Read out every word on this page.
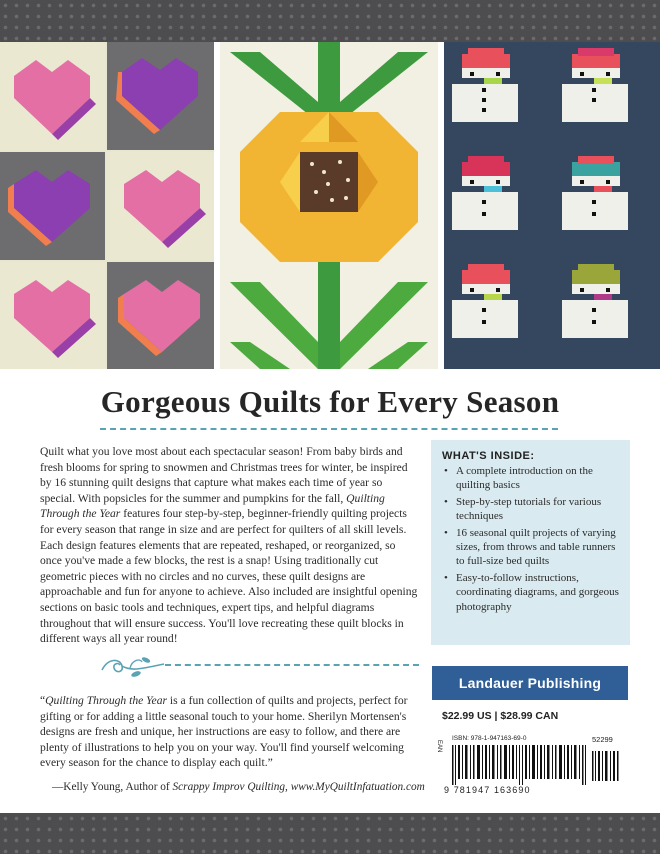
Gorgeous Quilts for Every Season

Quilt what you love most about each spectacular season! From baby birds and fresh blooms for spring to snowmen and Christmas trees for winter, be inspired by 16 stunning quilt designs that capture what makes each time of year so special. With popsicles for the summer and pumpkins for the fall, Quilting Through the Year features four step-by-step, beginner-friendly quilting projects for every season that range in size and are perfect for quilters of all skill levels. Each design features elements that are repeated, reshaped, or reorganized, so once you've made a few blocks, the rest is a snap! Using traditionally cut geometric pieces with no circles and no curves, these quilt designs are approachable and fun for anyone to achieve. Also included are insightful opening sections on basic tools and techniques, expert tips, and helpful diagrams throughout that will ensure success. You'll love recreating these quilt blocks in different ways all year round!

WHAT'S INSIDE:
• A complete introduction on the quilting basics
• Step-by-step tutorials for various techniques
• 16 seasonal quilt projects of varying sizes, from throws and table runners to full-size bed quilts
• Easy-to-follow instructions, coordinating diagrams, and gorgeous photography
Landauer Publishing

“Quilting Through the Year is a fun collection of quilts and projects, perfect for gifting or for adding a little seasonal touch to your home. Sherilyn Mortensen's designs are fresh and unique, her instructions are easy to follow, and there are plenty of illustrations to help you on your way. You'll find yourself welcoming every season for the chance to display each quilt.”

—Kelly Young, Author of Scrappy Improv Quilting, www.MyQuiltInfatuation.com

$22.99 US | $28.99 CAN
EAN
ISBN: 978-1-947163-69-0	52299
9 781947 163690
